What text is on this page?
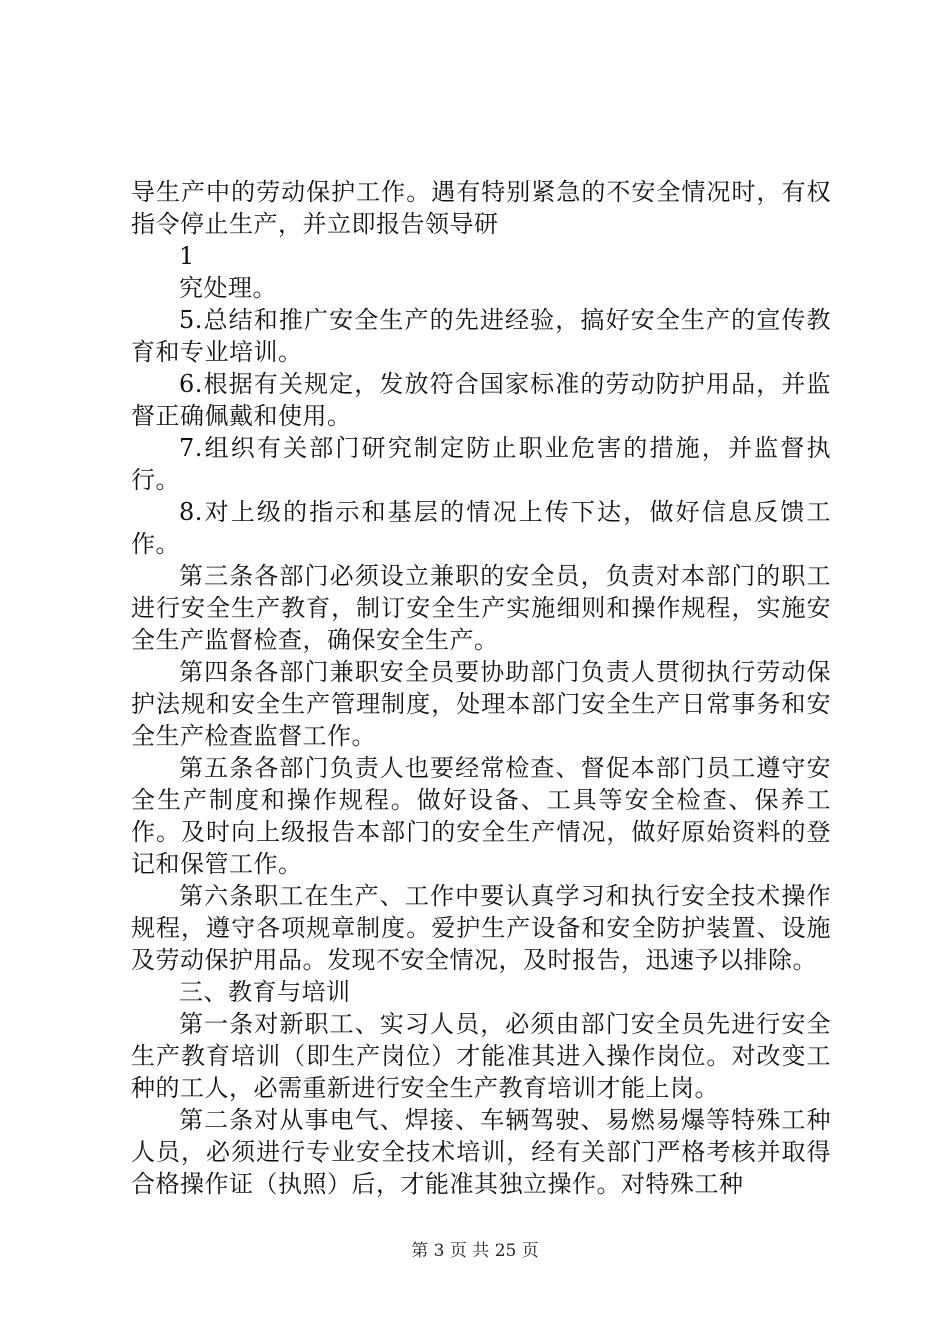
导生产中的劳动保护工作。遇有特别紧急的不安全情况时，有权指令停止生产，并立即报告领导研

1

究处理。

5.总结和推广安全生产的先进经验，搞好安全生产的宣传教育和专业培训。

6.根据有关规定，发放符合国家标准的劳动防护用品，并监督正确佩戴和使用。

7.组织有关部门研究制定防止职业危害的措施，并监督执行。

8.对上级的指示和基层的情况上传下达，做好信息反馈工作。

第三条各部门必须设立兼职的安全员，负责对本部门的职工进行安全生产教育，制订安全生产实施细则和操作规程，实施安全生产监督检查，确保安全生产。

第四条各部门兼职安全员要协助部门负责人贯彻执行劳动保护法规和安全生产管理制度，处理本部门安全生产日常事务和安全生产检查监督工作。

第五条各部门负责人也要经常检查、督促本部门员工遵守安全生产制度和操作规程。做好设备、工具等安全检查、保养工作。及时向上级报告本部门的安全生产情况，做好原始资料的登记和保管工作。

第六条职工在生产、工作中要认真学习和执行安全技术操作规程，遵守各项规章制度。爱护生产设备和安全防护装置、设施及劳动保护用品。发现不安全情况，及时报告，迅速予以排除。

三、教育与培训

第一条对新职工、实习人员，必须由部门安全员先进行安全生产教育培训（即生产岗位）才能准其进入操作岗位。对改变工种的工人，必需重新进行安全生产教育培训才能上岗。

第二条对从事电气、焊接、车辆驾驶、易燃易爆等特殊工种人员，必须进行专业安全技术培训，经有关部门严格考核并取得合格操作证（执照）后，才能准其独立操作。对特殊工种

第 3 页 共 25 页
